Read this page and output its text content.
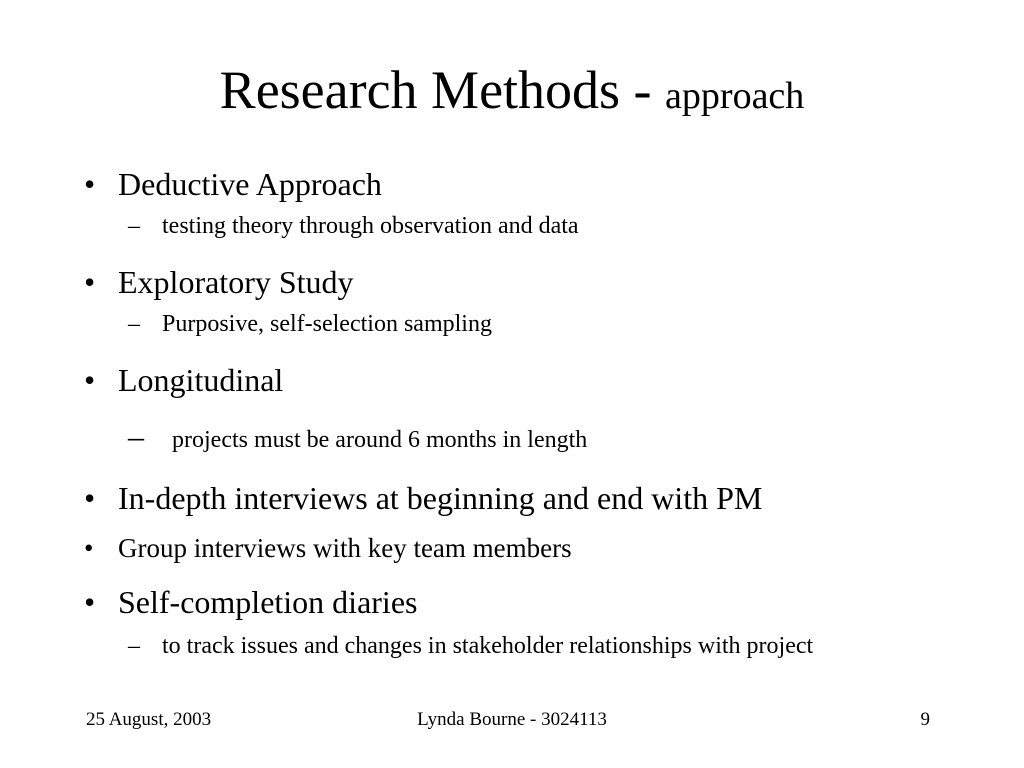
Research Methods - approach
• Deductive Approach
– testing theory through observation and data
• Exploratory Study
– Purposive, self-selection sampling
• Longitudinal
–	projects must be around 6 months in length
• In-depth interviews at beginning and end with PM
• Group interviews with key team members
• Self-completion diaries
– to track issues and changes in stakeholder relationships with project
25 August, 2003	Lynda Bourne - 3024113	9
